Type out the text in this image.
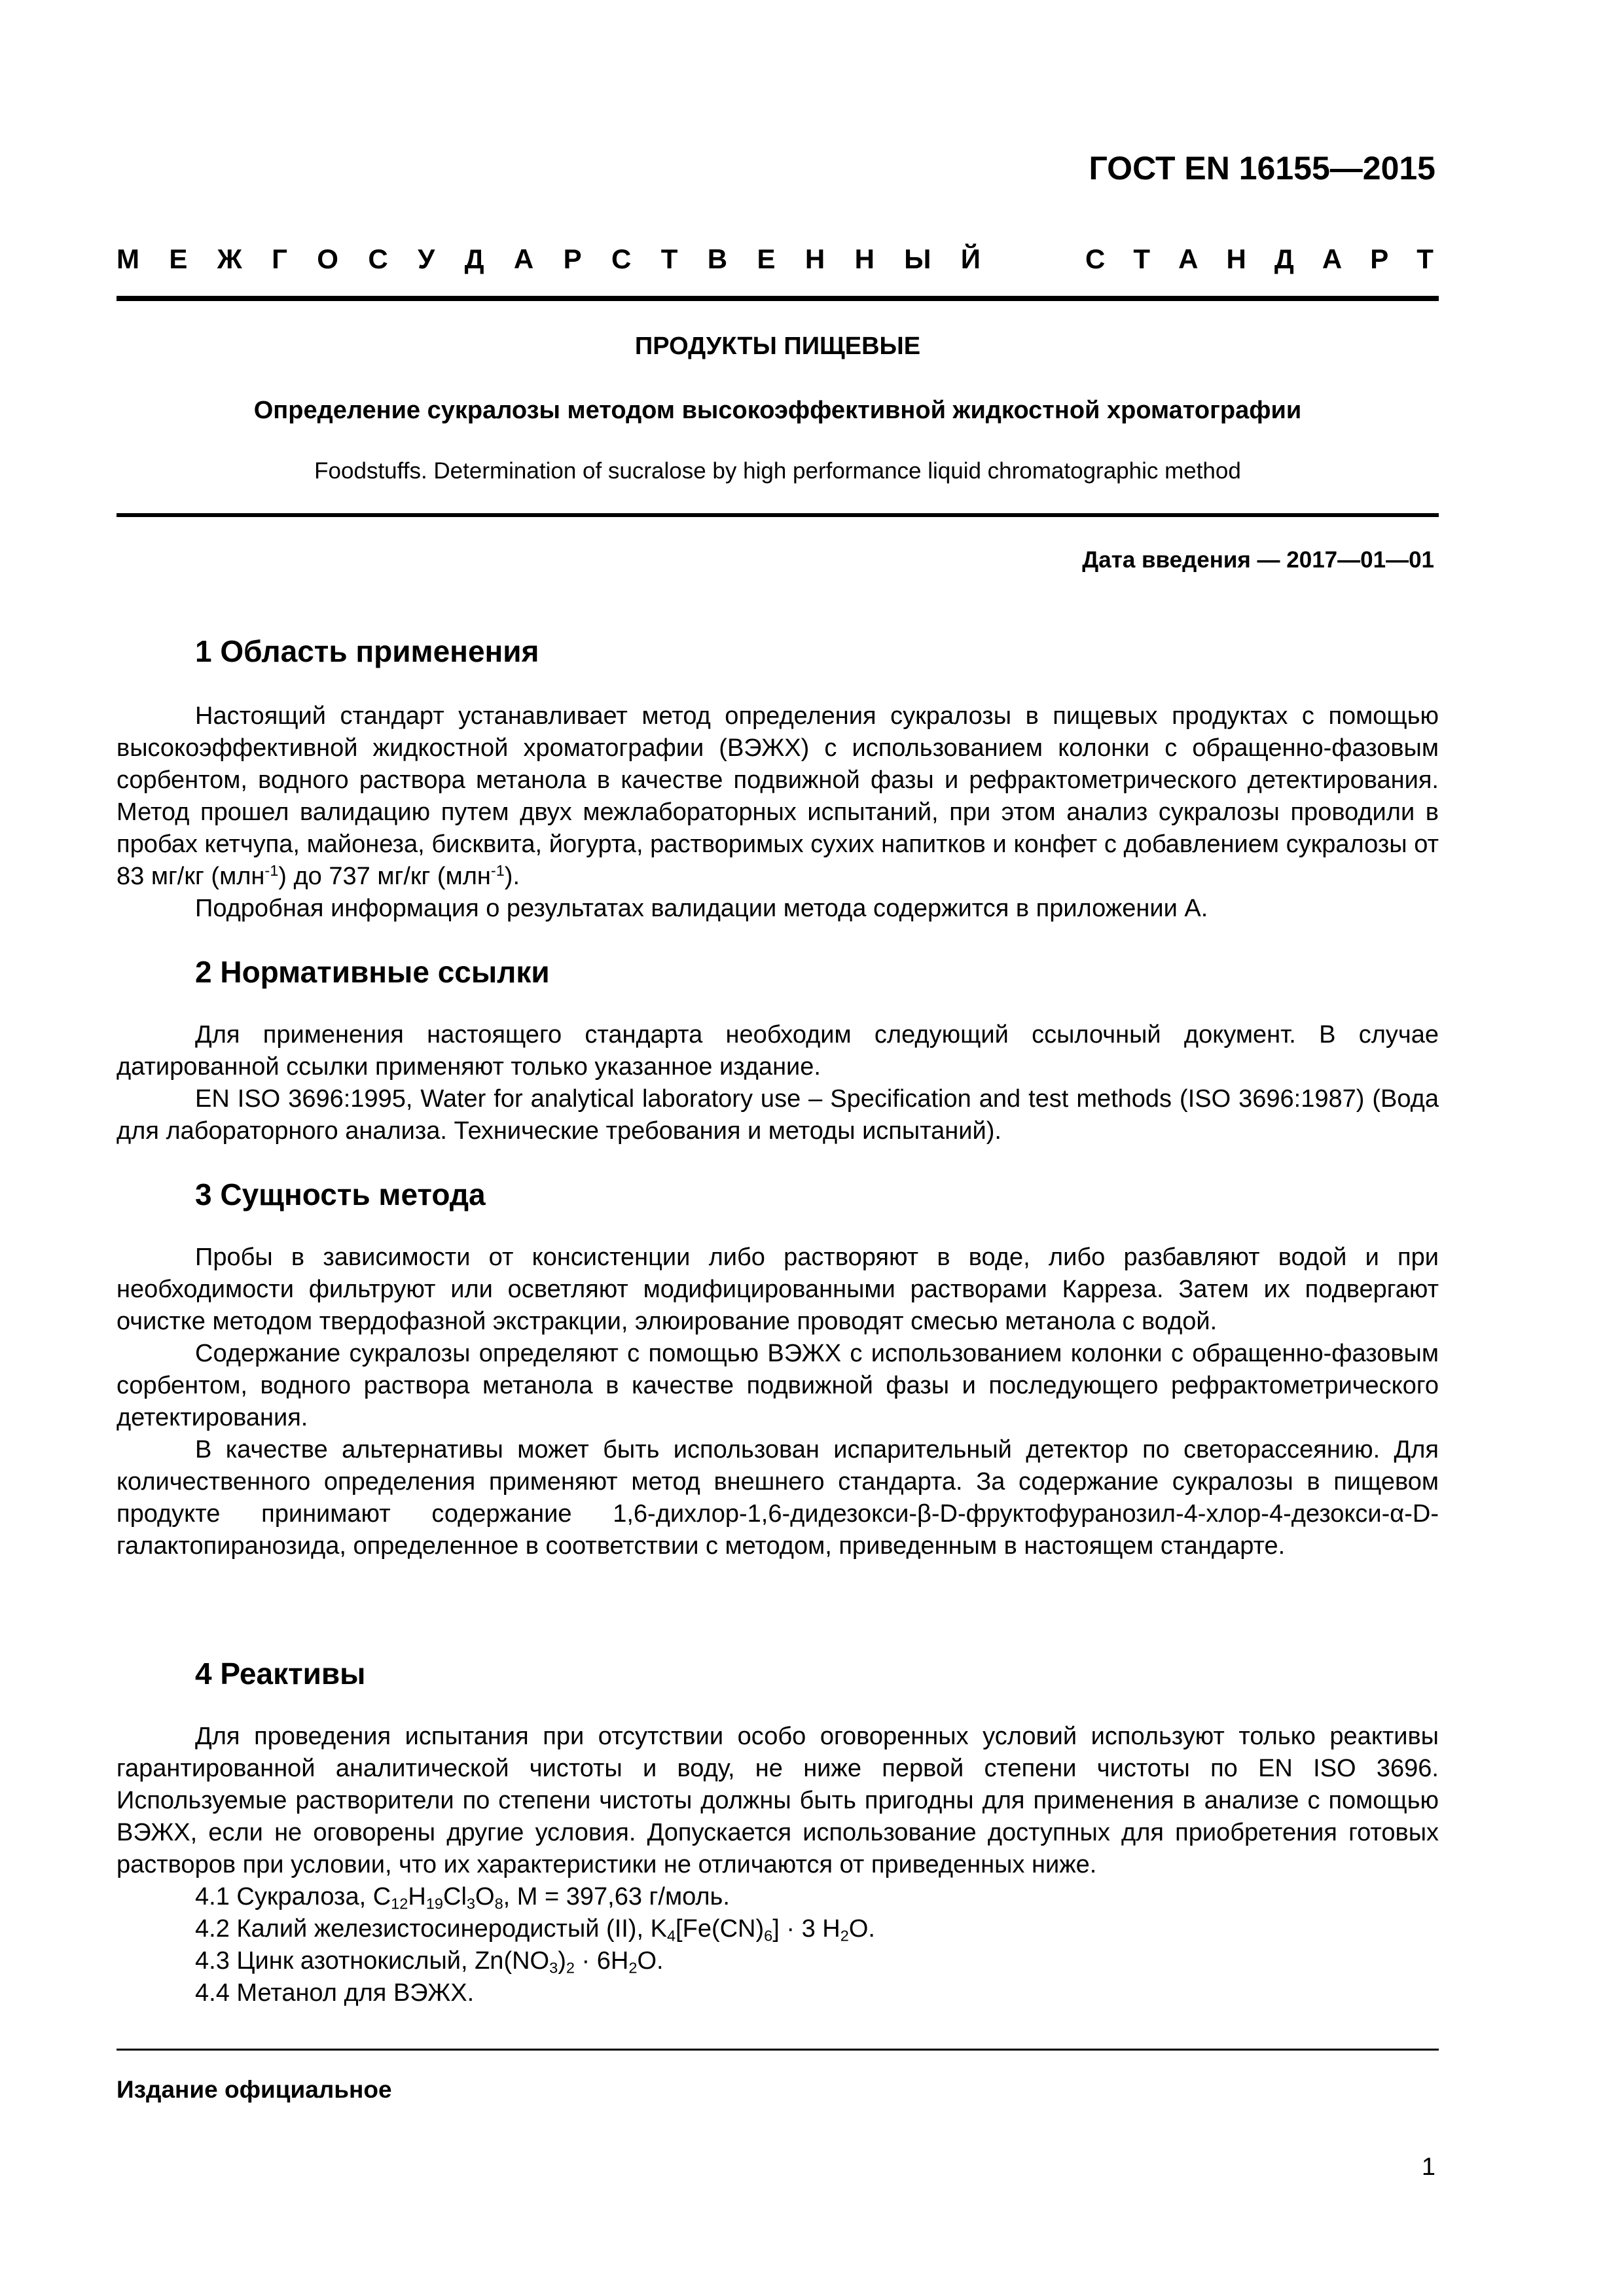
ГОСТ EN 16155—2015
М Е Ж Г О С У Д А Р С Т В Е Н Н Ы Й	С Т А Н Д А Р Т
ПРОДУКТЫ ПИЩЕВЫЕ
Определение сукралозы методом высокоэффективной жидкостной хроматографии
Foodstuffs. Determination of sucralose by high performance liquid chromatographic method
Дата введения — 2017—01—01
1 Область применения

Настоящий стандарт устанавливает метод определения сукралозы в пищевых продуктах с помощью высокоэффективной жидкостной хроматографии (ВЭЖХ) с использованием колонки с обращенно-фазовым сорбентом, водного раствора метанола в качестве подвижной фазы и рефрактометрического детектирования. Метод прошел валидацию путем двух межлабораторных испытаний, при этом анализ сукралозы проводили в пробах кетчупа, майонеза, бисквита, йогурта, растворимых сухих напитков и конфет с добавлением сукралозы от 83 мг/кг (млн$^{-1}$) до 737 мг/кг (млн$^{-1}$).

Подробная информация о результатах валидации метода содержится в приложении А.

2 Нормативные ссылки

Для применения настоящего стандарта необходим следующий ссылочный документ. В случае датированной ссылки применяют только указанное издание.

EN ISO 3696:1995, Water for analytical laboratory use – Specification and test methods (ISO 3696:1987) (Вода для лабораторного анализа. Технические требования и методы испытаний).

3 Сущность метода

Пробы в зависимости от консистенции либо растворяют в воде, либо разбавляют водой и при необходимости фильтруют или осветляют модифицированными растворами Карреза. Затем их подвергают очистке методом твердофазной экстракции, элюирование проводят смесью метанола с водой.

Содержание сукралозы определяют с помощью ВЭЖХ с использованием колонки с обращенно-фазовым сорбентом, водного раствора метанола в качестве подвижной фазы и последующего рефрактометрического детектирования.

В качестве альтернативы может быть использован испарительный детектор по светорассеянию. Для количественного определения применяют метод внешнего стандарта. За содержание сукралозы в пищевом продукте принимают содержание 1,6-дихлор-1,6-дидезокси-β-D-фруктофуранозил-4-хлор-4-дезокси-α-D-галактопиранозида, определенное в соответствии с методом, приведенным в настоящем стандарте.

4 Реактивы

Для проведения испытания при отсутствии особо оговоренных условий используют только реактивы гарантированной аналитической чистоты и воду, не ниже первой степени чистоты по EN ISO 3696. Используемые растворители по степени чистоты должны быть пригодны для применения в анализе с помощью ВЭЖХ, если не оговорены другие условия. Допускается использование доступных для приобретения готовых растворов при условии, что их характеристики не отличаются от приведенных ниже.

4.1 Сукралоза, $C_{12}H_{19}Cl_3O_8$, М = 397,63 г/моль.

4.2 Калий железистосинеродистый (II), $K_4[Fe(CN)_6] \cdot 3$ $H_2O$.

4.3 Цинк азотнокислый, $Zn(NO_3)_2 \cdot 6H_2O$.

4.4 Метанол для ВЭЖХ.

Издание официальное
1
